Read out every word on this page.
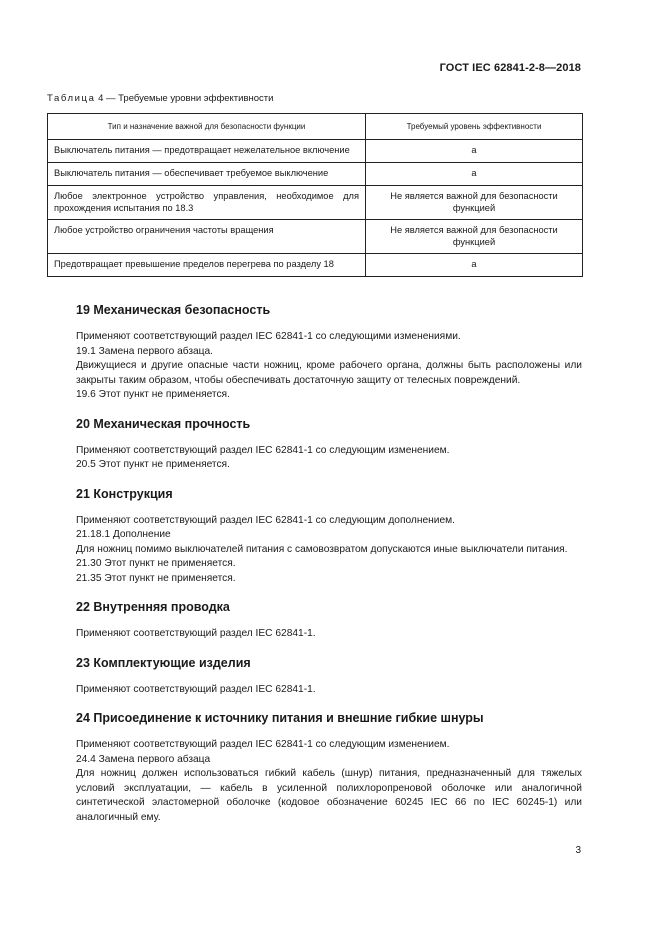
ГОСТ IEC 62841-2-8—2018
Таблица 4 — Требуемые уровни эффективности
Тип и назначение важной для безопасности функции	Требуемый уровень эффективности
Выключатель питания — предотвращает нежелательное включение	а
Выключатель питания — обеспечивает требуемое выключение	а
Любое электронное устройство управления, необходимое для прохождения испытания по 18.3	Не является важной для безопасности функцией
Любое устройство ограничения частоты вращения	Не является важной для безопасности функцией
Предотвращает превышение пределов перегрева по разделу 18	а
19 Механическая безопасность

Применяют соответствующий раздел IEC 62841-1 со следующими изменениями.

19.1 Замена первого абзаца.

Движущиеся и другие опасные части ножниц, кроме рабочего органа, должны быть расположены или закрыты таким образом, чтобы обеспечивать достаточную защиту от телесных повреждений.

19.6 Этот пункт не применяется.

20 Механическая прочность

Применяют соответствующий раздел IEC 62841-1 со следующим изменением.

20.5 Этот пункт не применяется.

21 Конструкция

Применяют соответствующий раздел IEC 62841-1 со следующим дополнением.

21.18.1 Дополнение

Для ножниц помимо выключателей питания с самовозвратом допускаются иные выключатели питания.

21.30 Этот пункт не применяется.

21.35 Этот пункт не применяется.

22 Внутренняя проводка

Применяют соответствующий раздел IEC 62841-1.

23 Комплектующие изделия

Применяют соответствующий раздел IEC 62841-1.

24 Присоединение к источнику питания и внешние гибкие шнуры

Применяют соответствующий раздел IEC 62841-1 со следующим изменением.

24.4 Замена первого абзаца

Для ножниц должен использоваться гибкий кабель (шнур) питания, предназначенный для тяжелых условий эксплуатации, — кабель в усиленной полихлоропреновой оболочке или аналогичной синтетической эластомерной оболочке (кодовое обозначение 60245 IEC 66 по IEC 60245-1) или аналогичный ему.

3
